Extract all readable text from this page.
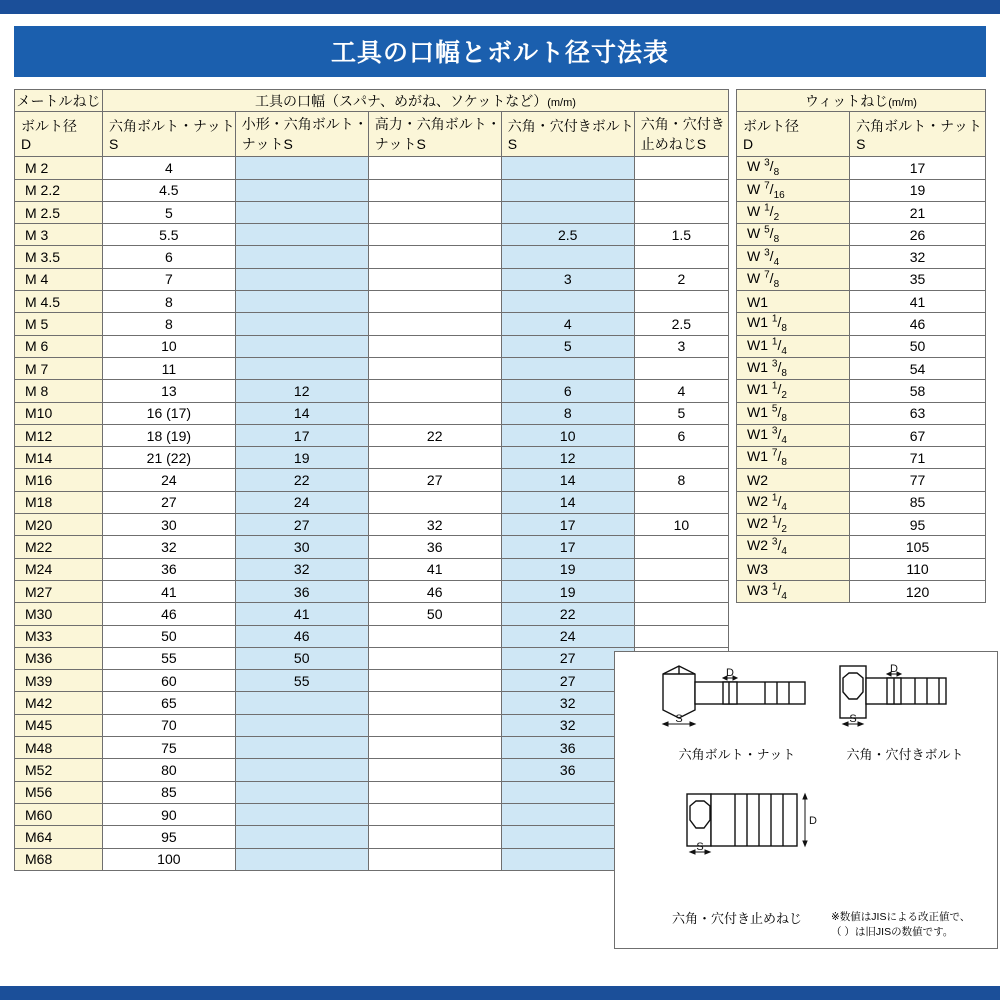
工具の口幅とボルト径寸法表
メートルねじ	工具の口幅（スパナ、めがね、ソケットなど）(m/m)				

ボルト径
D

六角ボルト・ナット
S

小形・六角ボルト・
ナットS

高力・六角ボルト・
ナットS

六角・穴付きボルト
S

六角・穴付き
止めねじS

M 2	4				
M 2.2	4.5				
M 2.5	5				
M 3	5.5			2.5	1.5
M 3.5	6				
M 4	7			3	2
M 4.5	8				
M 5	8			4	2.5
M 6	10			5	3
M 7	11				
M 8	13	12		6	4
M10	16 (17)	14		8	5
M12	18 (19)	17	22	10	6
M14	21 (22)	19		12	
M16	24	22	27	14	8
M18	27	24		14	
M20	30	27	32	17	10
M22	32	30	36	17	
M24	36	32	41	19	
M27	41	36	46	19	
M30	46	41	50	22	
M33	50	46		24	
M36	55	50		27	
M39	60	55		27	
M42	65			32	
M45	70			32	
M48	75			36	
M52	80			36	
M56	85				
M60	90				
M64	95				
M68	100				
ウィットねじ(m/m)	

ボルト径
D

六角ボルト・ナット
S

W $^3/_8$	17
W $^7/_{16}$	19
W $^1/_2$	21
W $^5/_8$	26
W $^3/_4$	32
W $^7/_8$	35
W1	41
W1 $^1/_8$	46
W1 $^1/_4$	50
W1 $^3/_8$	54
W1 $^1/_2$	58
W1 $^5/_8$	63
W1 $^3/_4$	67
W1 $^7/_8$	71
W2	77
W2 $^1/_4$	85
W2 $^1/_2$	95
W2 $^3/_4$	105
W3	110
W3 $^1/_4$	120
D
S
D
S
D
S
六角ボルト・ナット	六角・穴付きボルト
六角・穴付き止めねじ	※数値はJISによる改正値で、
（ ）は旧JISの数値です。
